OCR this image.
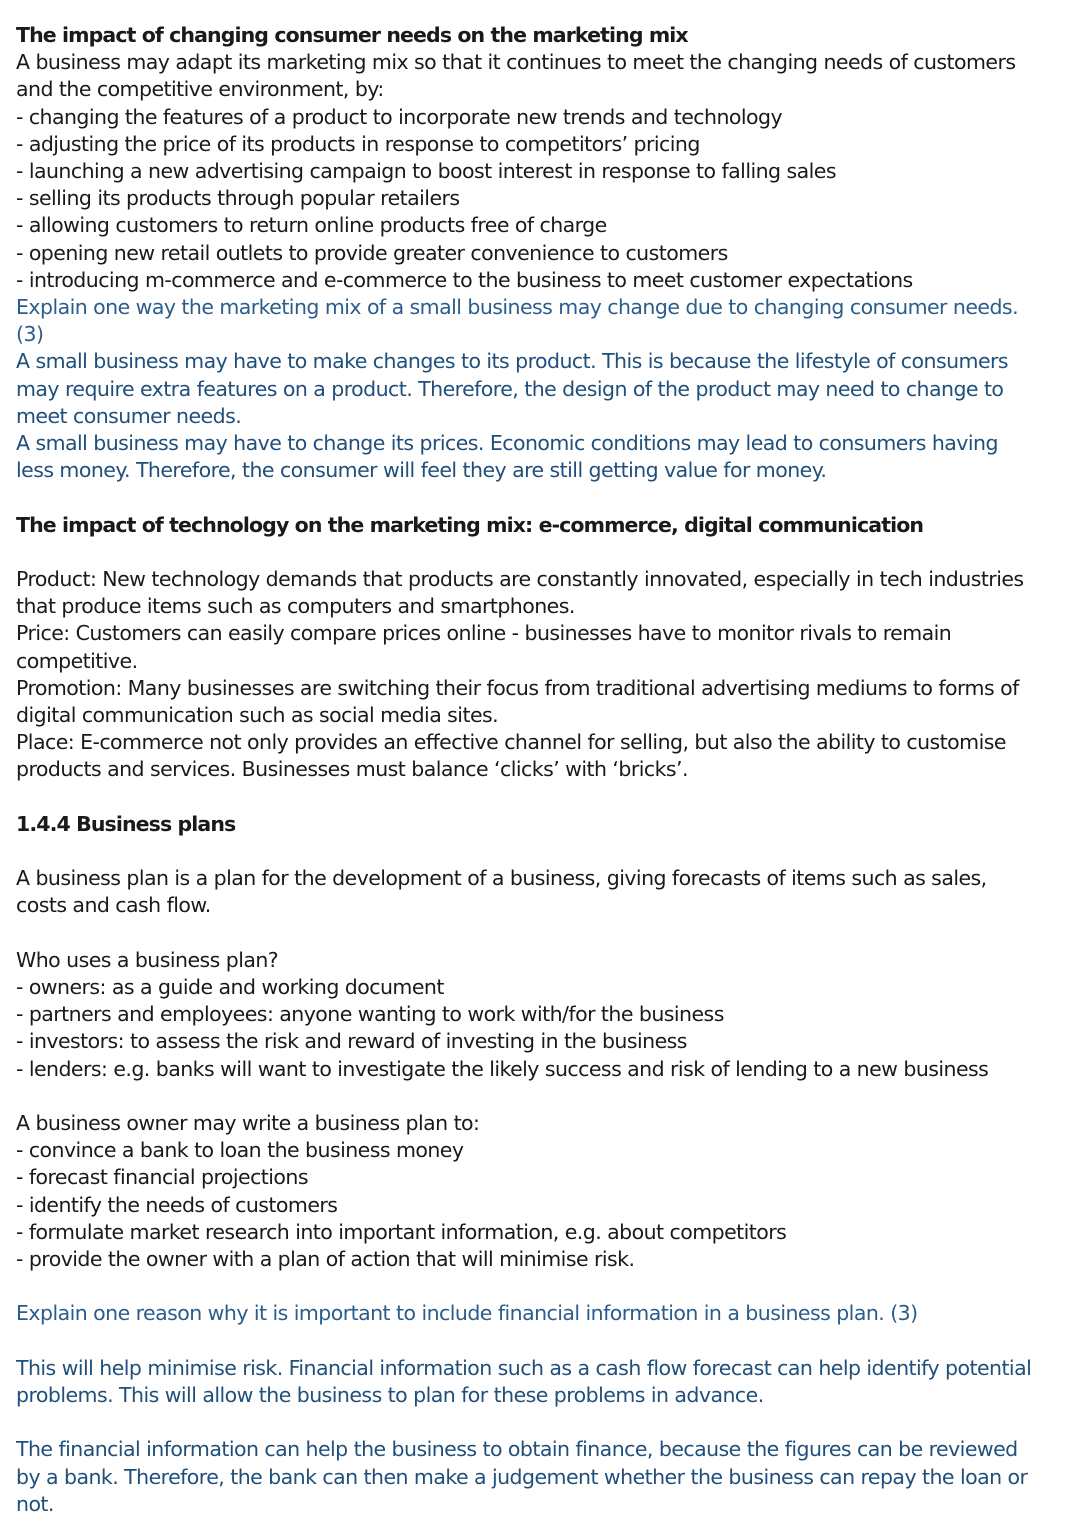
The impact of changing consumer needs on the marketing mix
A business may adapt its marketing mix so that it continues to meet the changing needs of customers
and the competitive environment, by:
- changing the features of a product to incorporate new trends and technology
- adjusting the price of its products in response to competitors’ pricing
- launching a new advertising campaign to boost interest in response to falling sales
- selling its products through popular retailers
- allowing customers to return online products free of charge
- opening new retail outlets to provide greater convenience to customers
- introducing m-commerce and e-commerce to the business to meet customer expectations
Explain one way the marketing mix of a small business may change due to changing consumer needs.
(3)
A small business may have to make changes to its product. This is because the lifestyle of consumers
may require extra features on a product. Therefore, the design of the product may need to change to
meet consumer needs.
A small business may have to change its prices. Economic conditions may lead to consumers having
less money. Therefore, the consumer will feel they are still getting value for money.
The impact of technology on the marketing mix: e-commerce, digital communication
Product: New technology demands that products are constantly innovated, especially in tech industries
that produce items such as computers and smartphones.
Price: Customers can easily compare prices online - businesses have to monitor rivals to remain
competitive.
Promotion: Many businesses are switching their focus from traditional advertising mediums to forms of
digital communication such as social media sites.
Place: E-commerce not only provides an effective channel for selling, but also the ability to customise
products and services. Businesses must balance ‘clicks’ with ‘bricks’.
1.4.4 Business plans
A business plan is a plan for the development of a business, giving forecasts of items such as sales,
costs and cash flow.
Who uses a business plan?
- owners: as a guide and working document
- partners and employees: anyone wanting to work with/for the business
- investors: to assess the risk and reward of investing in the business
- lenders: e.g. banks will want to investigate the likely success and risk of lending to a new business
A business owner may write a business plan to:
- convince a bank to loan the business money
- forecast financial projections
- identify the needs of customers
- formulate market research into important information, e.g. about competitors
- provide the owner with a plan of action that will minimise risk.
Explain one reason why it is important to include financial information in a business plan. (3)
This will help minimise risk. Financial information such as a cash flow forecast can help identify potential
problems. This will allow the business to plan for these problems in advance.
The financial information can help the business to obtain finance, because the figures can be reviewed
by a bank. Therefore, the bank can then make a judgement whether the business can repay the loan or
not.
